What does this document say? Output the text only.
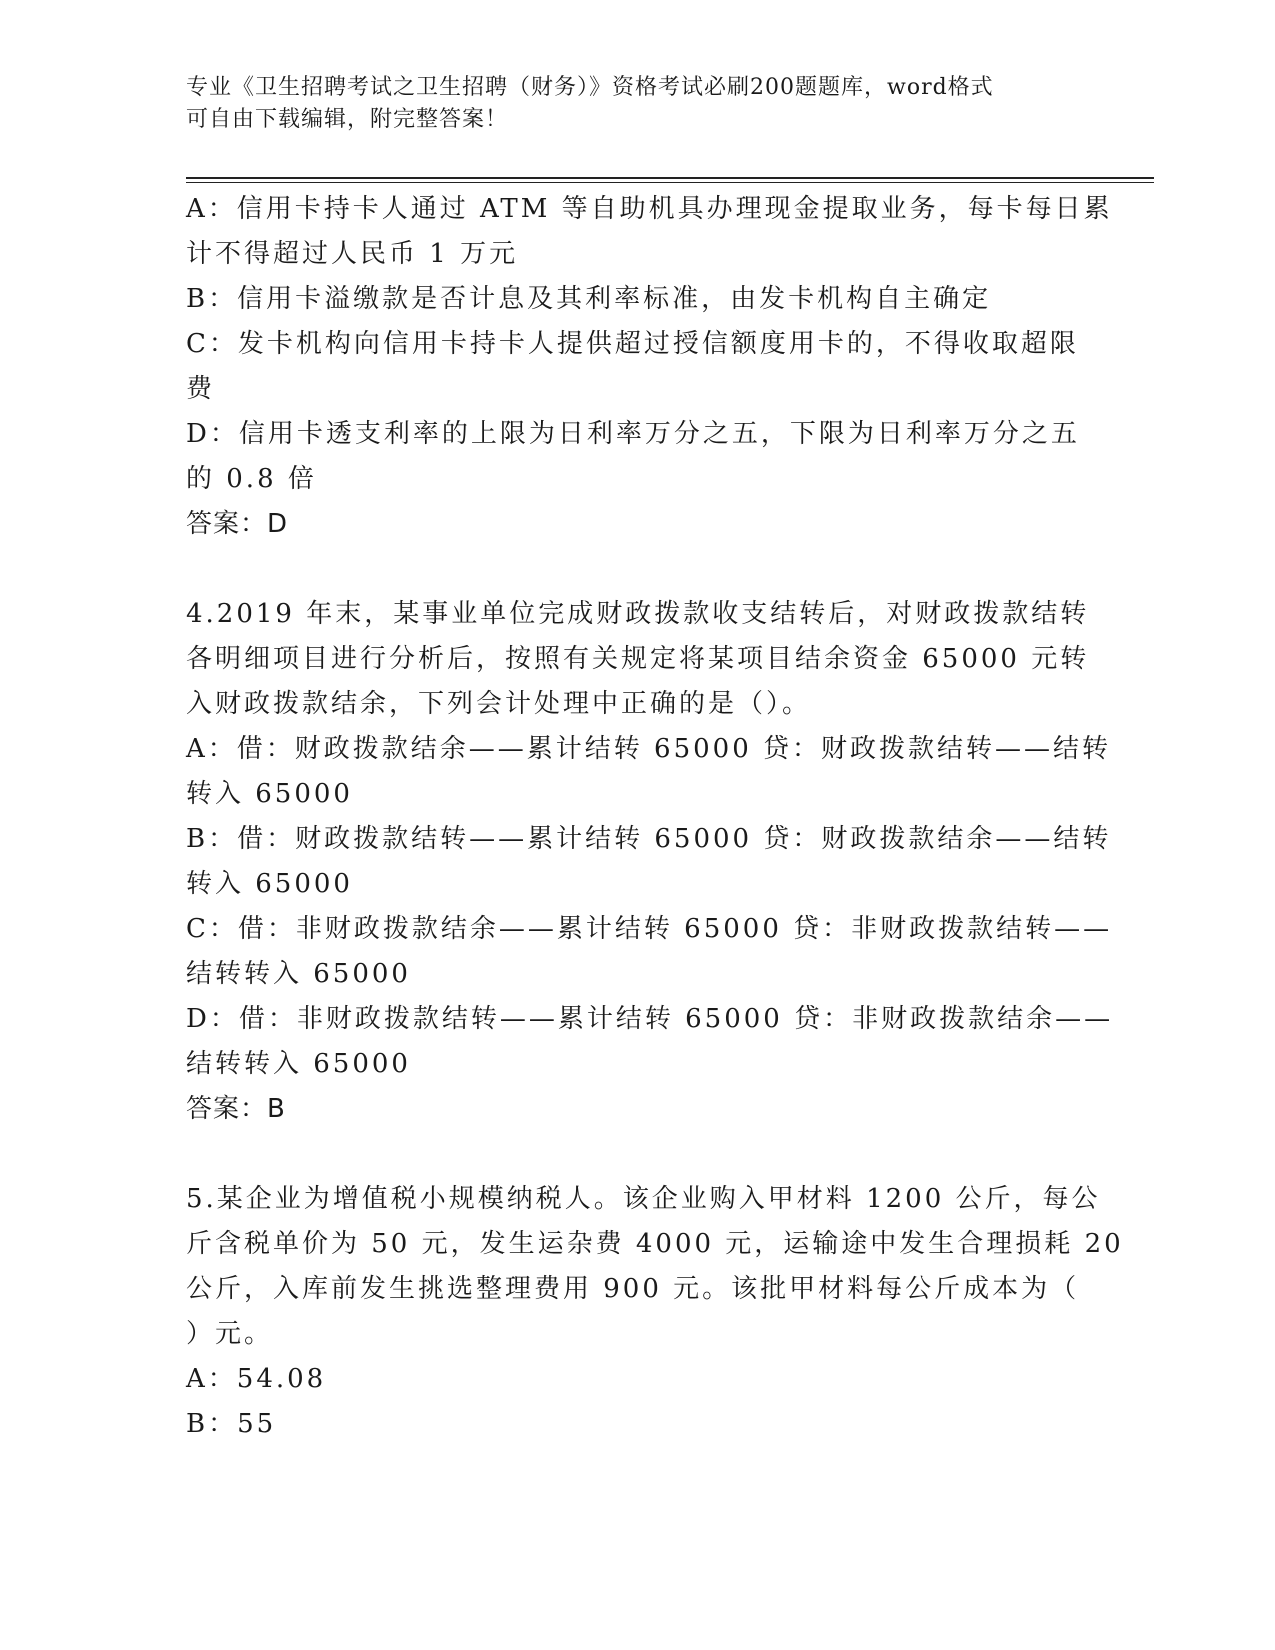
专业《卫生招聘考试之卫生招聘（财务）》资格考试必刷200题题库，word格式
可自由下载编辑，附完整答案！
A：信用卡持卡人通过 ATM 等自助机具办理现金提取业务，每卡每日累
计不得超过人民币 1 万元
B：信用卡溢缴款是否计息及其利率标准，由发卡机构自主确定
C：发卡机构向信用卡持卡人提供超过授信额度用卡的，不得收取超限
费
D：信用卡透支利率的上限为日利率万分之五，下限为日利率万分之五
的 0.8 倍
答案：D
4.2019 年末，某事业单位完成财政拨款收支结转后，对财政拨款结转
各明细项目进行分析后，按照有关规定将某项目结余资金 65000 元转
入财政拨款结余，下列会计处理中正确的是（）。
A：借：财政拨款结余——累计结转 65000 贷：财政拨款结转——结转
转入 65000
B：借：财政拨款结转——累计结转 65000 贷：财政拨款结余——结转
转入 65000
C：借：非财政拨款结余——累计结转 65000 贷：非财政拨款结转——
结转转入 65000
D：借：非财政拨款结转——累计结转 65000 贷：非财政拨款结余——
结转转入 65000
答案：B
5.某企业为增值税小规模纳税人。该企业购入甲材料 1200 公斤，每公
斤含税单价为 50 元，发生运杂费 4000 元，运输途中发生合理损耗 20
公斤，入库前发生挑选整理费用 900 元。该批甲材料每公斤成本为（
）元。
A：54.08
B：55
